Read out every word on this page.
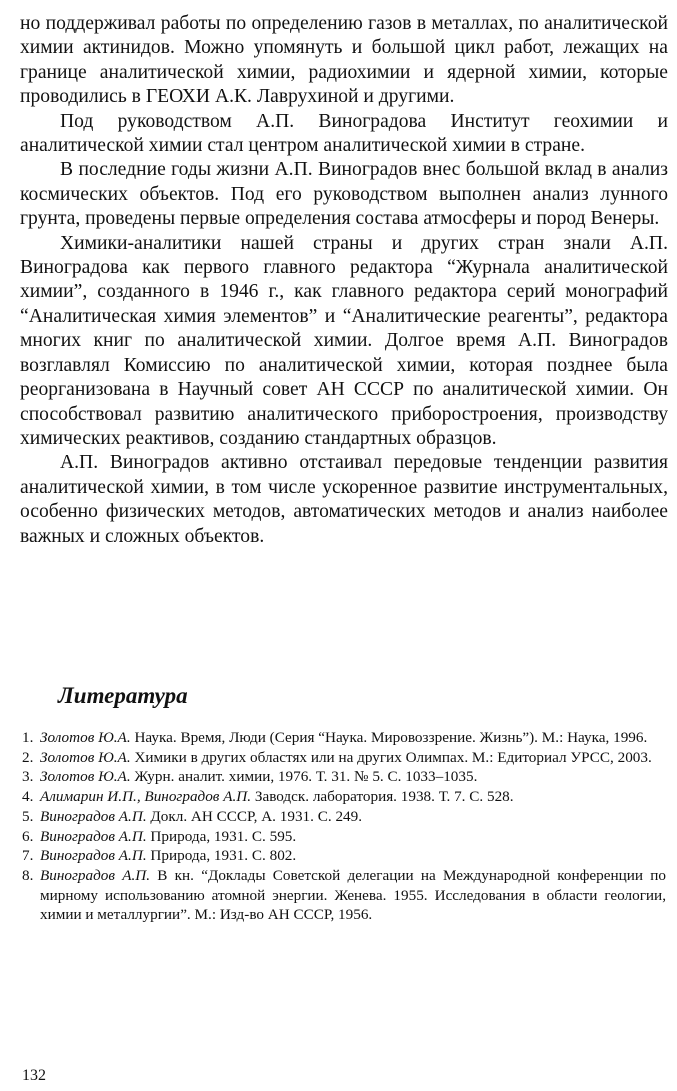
но поддерживал работы по определению газов в металлах, по аналитической химии актинидов. Можно упомянуть и большой цикл работ, лежащих на границе аналитической химии, радиохимии и ядерной химии, которые проводились в ГЕОХИ А.К. Лаврухиной и другими.

Под руководством А.П. Виноградова Институт геохимии и аналитической химии стал центром аналитической химии в стране.

В последние годы жизни А.П. Виноградов внес большой вклад в анализ космических объектов. Под его руководством выполнен анализ лунного грунта, проведены первые определения состава атмосферы и пород Венеры.

Химики-аналитики нашей страны и других стран знали А.П. Виноградова как первого главного редактора “Журнала аналитической химии”, созданного в 1946 г., как главного редактора серий монографий “Аналитическая химия элементов” и “Аналитические реагенты”, редактора многих книг по аналитической химии. Долгое время А.П. Виноградов возглавлял Комиссию по аналитической химии, которая позднее была реорганизована в Научный совет АН СССР по аналитической химии. Он способствовал развитию аналитического приборостроения, производству химических реактивов, созданию стандартных образцов.

А.П. Виноградов активно отстаивал передовые тенденции развития аналитической химии, в том числе ускоренное развитие инструментальных, особенно физических методов, автоматических методов и анализ наиболее важных и сложных объектов.

Литература
1. Золотов Ю.А. Наука. Время, Люди (Серия “Наука. Мировоззрение. Жизнь”). М.: Наука, 1996.
2. Золотов Ю.А. Химики в других областях или на других Олимпах. М.: Едиториал УРСС, 2003.
3. Золотов Ю.А. Журн. аналит. химии, 1976. Т. 31. № 5. С. 1033–1035.
4. Алимарин И.П., Виноградов А.П. Заводск. лаборатория. 1938. Т. 7. С. 528.
5. Виноградов А.П. Докл. АН СССР, А. 1931. С. 249.
6. Виноградов А.П. Природа, 1931. С. 595.
7. Виноградов А.П. Природа, 1931. С. 802.
8. Виноградов А.П. В кн. “Доклады Советской делегации на Международной конференции по мирному использованию атомной энергии. Женева. 1955. Исследования в области геологии, химии и металлургии”. М.: Изд-во АН СССР, 1956.
132
